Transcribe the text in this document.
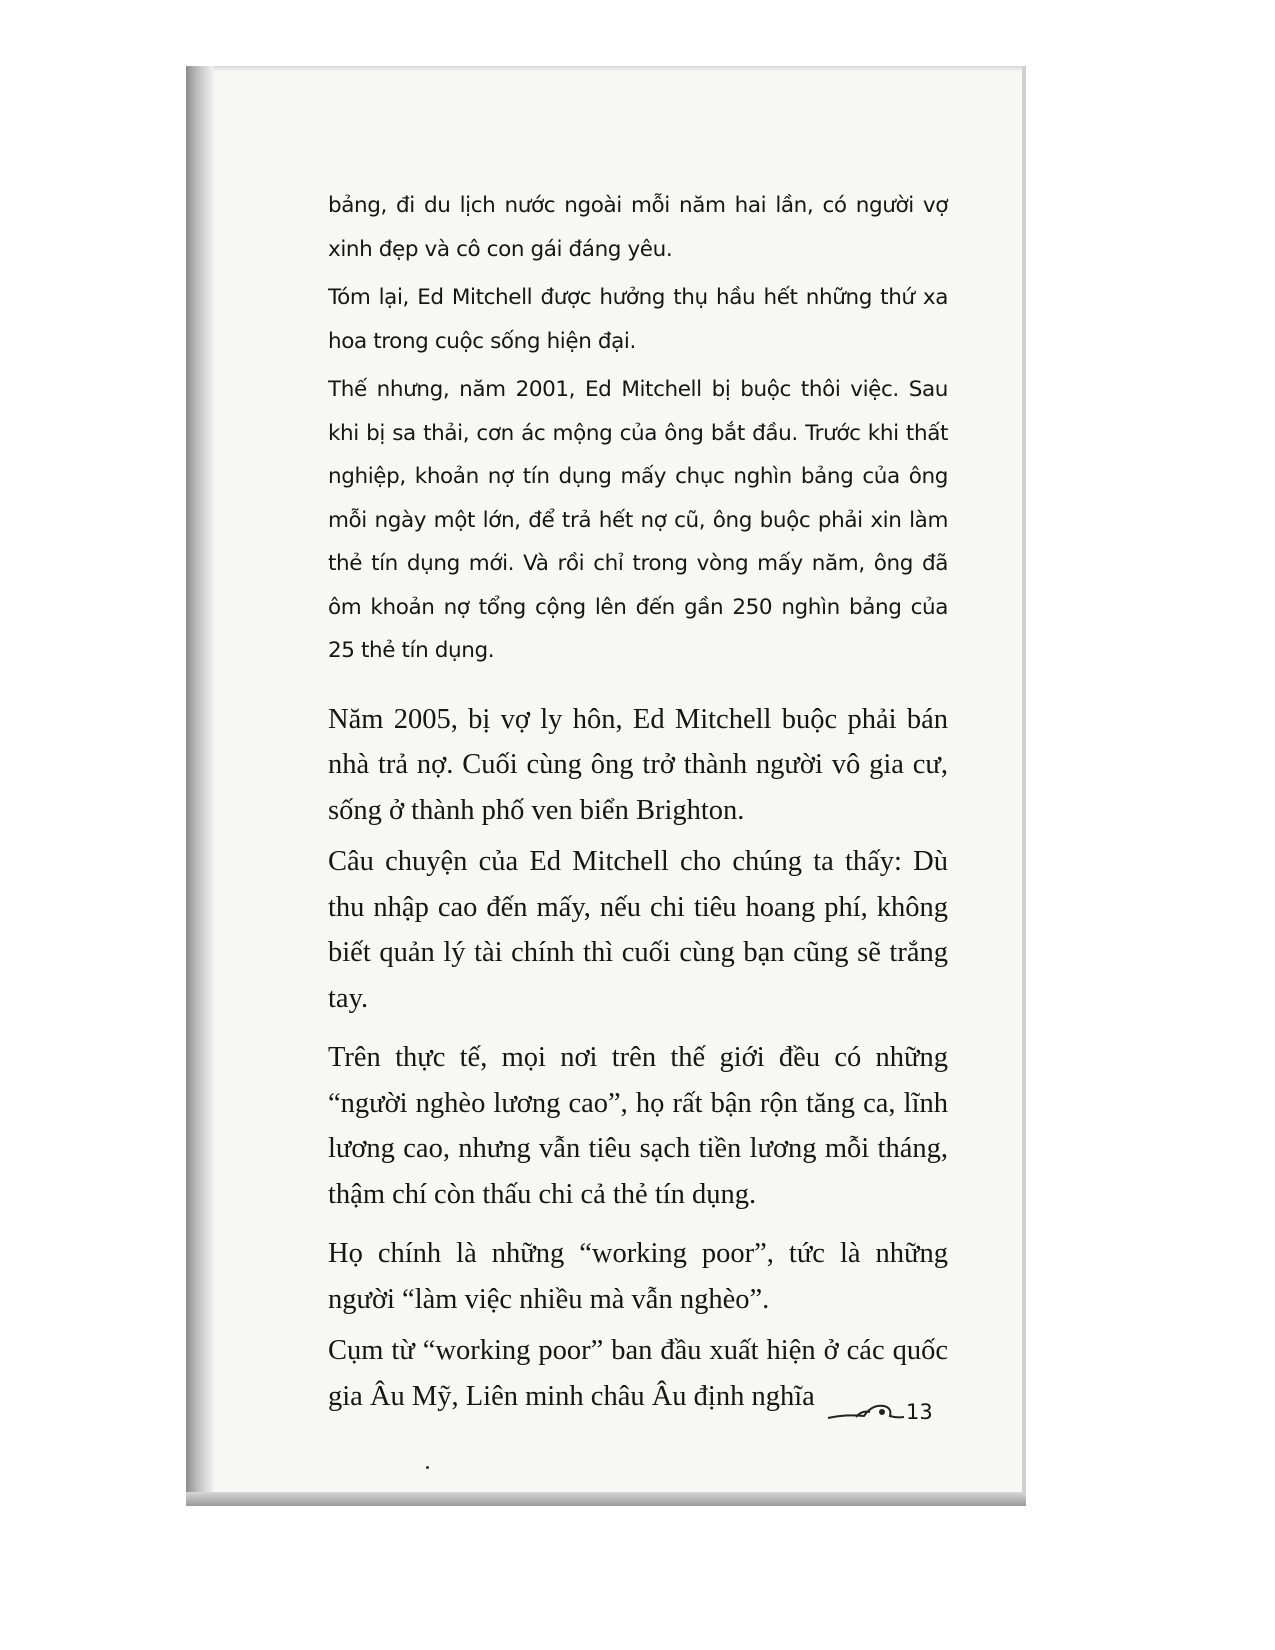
bảng, đi du lịch nước ngoài mỗi năm hai lần, có người vợ xinh đẹp và cô con gái đáng yêu.

Tóm lại, Ed Mitchell được hưởng thụ hầu hết những thứ xa hoa trong cuộc sống hiện đại.

Thế nhưng, năm 2001, Ed Mitchell bị buộc thôi việc. Sau khi bị sa thải, cơn ác mộng của ông bắt đầu. Trước khi thất nghiệp, khoản nợ tín dụng mấy chục nghìn bảng của ông mỗi ngày một lớn, để trả hết nợ cũ, ông buộc phải xin làm thẻ tín dụng mới. Và rồi chỉ trong vòng mấy năm, ông đã ôm khoản nợ tổng cộng lên đến gần 250 nghìn bảng của 25 thẻ tín dụng.

Năm 2005, bị vợ ly hôn, Ed Mitchell buộc phải bán nhà trả nợ. Cuối cùng ông trở thành người vô gia cư, sống ở thành phố ven biển Brighton.

Câu chuyện của Ed Mitchell cho chúng ta thấy: Dù thu nhập cao đến mấy, nếu chi tiêu hoang phí, không biết quản lý tài chính thì cuối cùng bạn cũng sẽ trắng tay.

Trên thực tế, mọi nơi trên thế giới đều có những “người nghèo lương cao”, họ rất bận rộn tăng ca, lĩnh lương cao, nhưng vẫn tiêu sạch tiền lương mỗi tháng, thậm chí còn thấu chi cả thẻ tín dụng.

Họ chính là những “working poor”, tức là những người “làm việc nhiều mà vẫn nghèo”.

Cụm từ “working poor” ban đầu xuất hiện ở các quốc gia Âu Mỹ, Liên minh châu Âu định nghĩa

13
